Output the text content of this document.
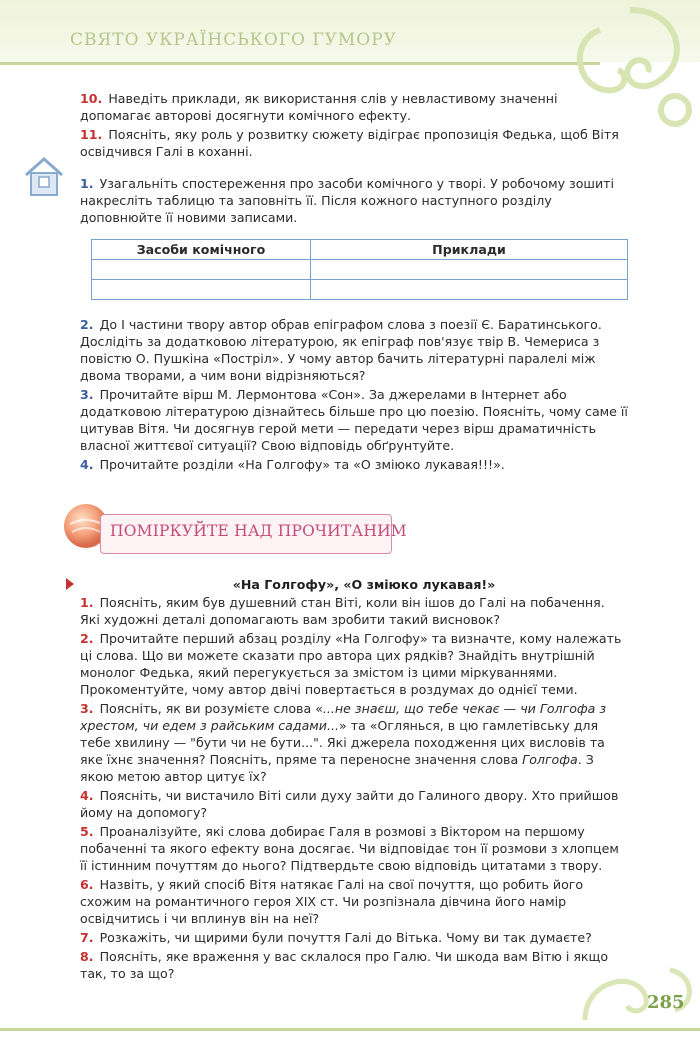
СВЯТО УКРАЇНСЬКОГО ГУМОРУ
10. Наведіть приклади, як використання слів у невластивому значенні допомагає авторові досягнути комічного ефекту.
11. Поясніть, яку роль у розвитку сюжету відіграє пропозиція Федька, щоб Вітя освідчився Галі в коханні.
1. Узагальніть спостереження про засоби комічного у творі. У робочому зошиті накресліть таблицю та заповніть її. Після кожного наступного розділу доповнюйте її новими записами.
Засоби комічного	Приклади

2. До І частини твору автор обрав епіграфом слова з поезії Є. Баратинського. Дослідіть за додатковою літературою, як епіграф пов'язує твір В. Чемериса з повістю О. Пушкіна «Постріл». У чому автор бачить літературні паралелі між двома творами, а чим вони відрізняються?
3. Прочитайте вірш М. Лермонтова «Сон». За джерелами в Інтернет або додатковою літературою дізнайтесь більше про цю поезію. Поясніть, чому саме її цитував Вітя. Чи досягнув герой мети — передати через вірш драматичність власної життєвої ситуації? Свою відповідь обґрунтуйте.
4. Прочитайте розділи «На Голгофу» та «О змiюко лукавая!!!».
ПОМІРКУЙТЕ НАД ПРОЧИТАНИМ
«На Голгофу», «О змiюко лукавая!»
1. Поясніть, яким був душевний стан Віті, коли він ішов до Галі на побачення. Які художні деталі допомагають вам зробити такий висновок?
2. Прочитайте перший абзац розділу «На Голгофу» та визначте, кому належать ці слова. Що ви можете сказати про автора цих рядків? Знайдіть внутрішній монолог Федька, який перегукується за змістом із цими міркуваннями. Прокоментуйте, чому автор двічі повертається в роздумах до однієї теми.
3. Поясніть, як ви розумієте слова «...не знаєш, що тебе чекає — чи Голгофа з хрестом, чи едем з райським садами...» та «Оглянься, в цю гамлетівську для тебе хвилину — "бути чи не бути...". Які джерела походження цих висловів та яке їхнє значення? Поясніть, пряме та переносне значення слова Голгофа. З якою метою автор цитує їх?
4. Поясніть, чи вистачило Віті сили духу зайти до Галиного двору. Хто прийшов йому на допомогу?
5. Проаналізуйте, які слова добирає Галя в розмові з Віктором на першому побаченні та якого ефекту вона досягає. Чи відповідає тон її розмови з хлопцем її істинним почуттям до нього? Підтвердьте свою відповідь цитатами з твору.
6. Назвіть, у який спосіб Вітя натякає Галі на свої почуття, що робить його схожим на романтичного героя XIX ст. Чи розпізнала дівчина його намір освідчитись і чи вплинув він на неї?
7. Розкажіть, чи щирими були почуття Галі до Вітька. Чому ви так думаєте?
8. Поясніть, яке враження у вас склалося про Галю. Чи шкода вам Вітю і якщо так, то за що?
285
